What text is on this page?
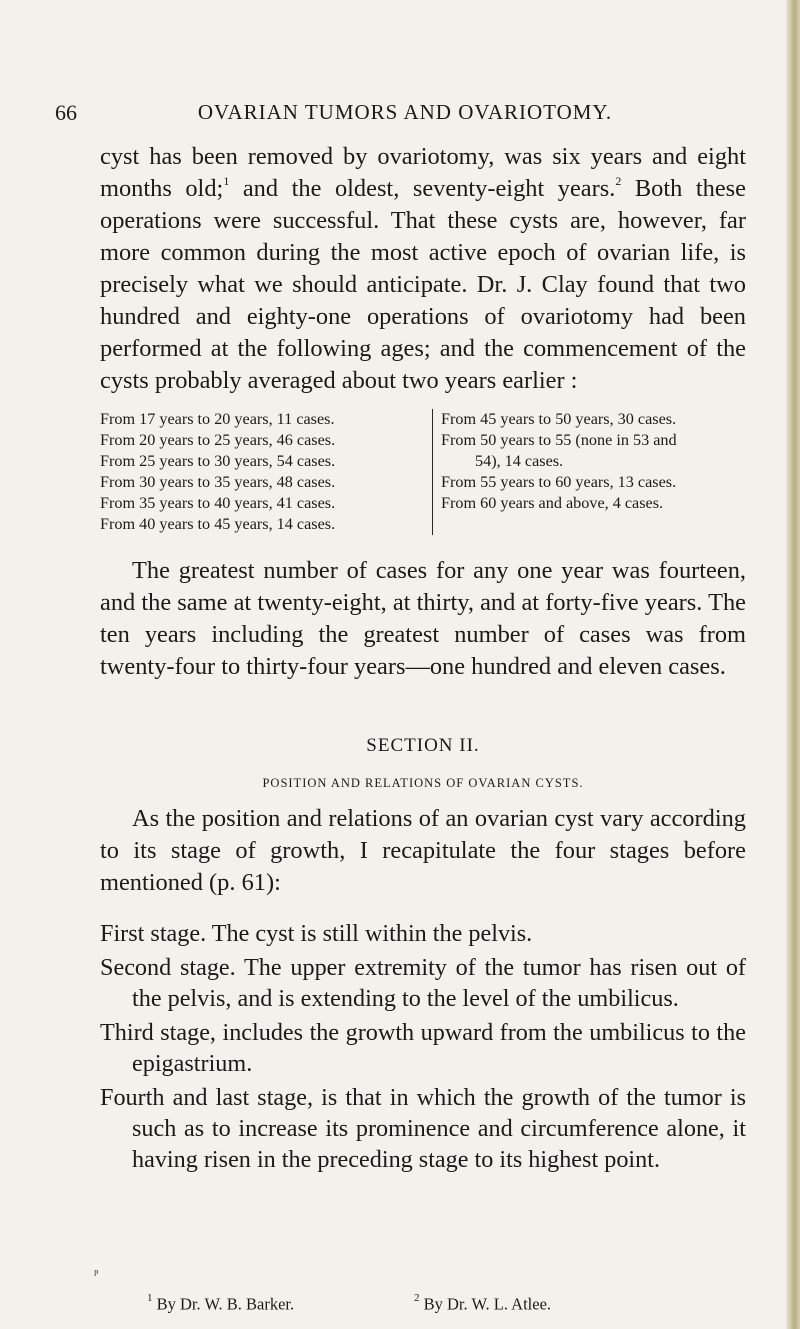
66	OVARIAN TUMORS AND OVARIOTOMY.

cyst has been removed by ovariotomy, was six years and eight months old;$^1$ and the oldest, seventy-eight years.$^2$ Both these operations were successful. That these cysts are, however, far more common during the most active epoch of ovarian life, is precisely what we should anticipate. Dr. J. Clay found that two hundred and eighty-one operations of ovariotomy had been performed at the following ages; and the commencement of the cysts probably averaged about two years earlier :

From 17 years to 20 years, 11 cases.
From 20 years to 25 years, 46 cases.
From 25 years to 30 years, 54 cases.
From 30 years to 35 years, 48 cases.
From 35 years to 40 years, 41 cases.
From 40 years to 45 years, 14 cases.
From 45 years to 50 years, 30 cases.
From 50 years to 55 (none in 53 and
54), 14 cases.
From 55 years to 60 years, 13 cases.
From 60 years and above, 4 cases.

The greatest number of cases for any one year was fourteen, and the same at twenty-eight, at thirty, and at forty-five years. The ten years including the greatest number of cases was from twenty-four to thirty-four years—one hundred and eleven cases.

SECTION II.
POSITION AND RELATIONS OF OVARIAN CYSTS.

As the position and relations of an ovarian cyst vary according to its stage of growth, I recapitulate the four stages before mentioned (p. 61):

First stage. The cyst is still within the pelvis.

Second stage. The upper extremity of the tumor has risen out of the pelvis, and is extending to the level of the umbilicus.

Third stage, includes the growth upward from the umbilicus to the epigastrium.

Fourth and last stage, is that in which the growth of the tumor is such as to increase its prominence and circumference alone, it having risen in the preceding stage to its highest point.

ᵖ
$^1$ By Dr. W. B. Barker.	$^2$ By Dr. W. L. Atlee.
